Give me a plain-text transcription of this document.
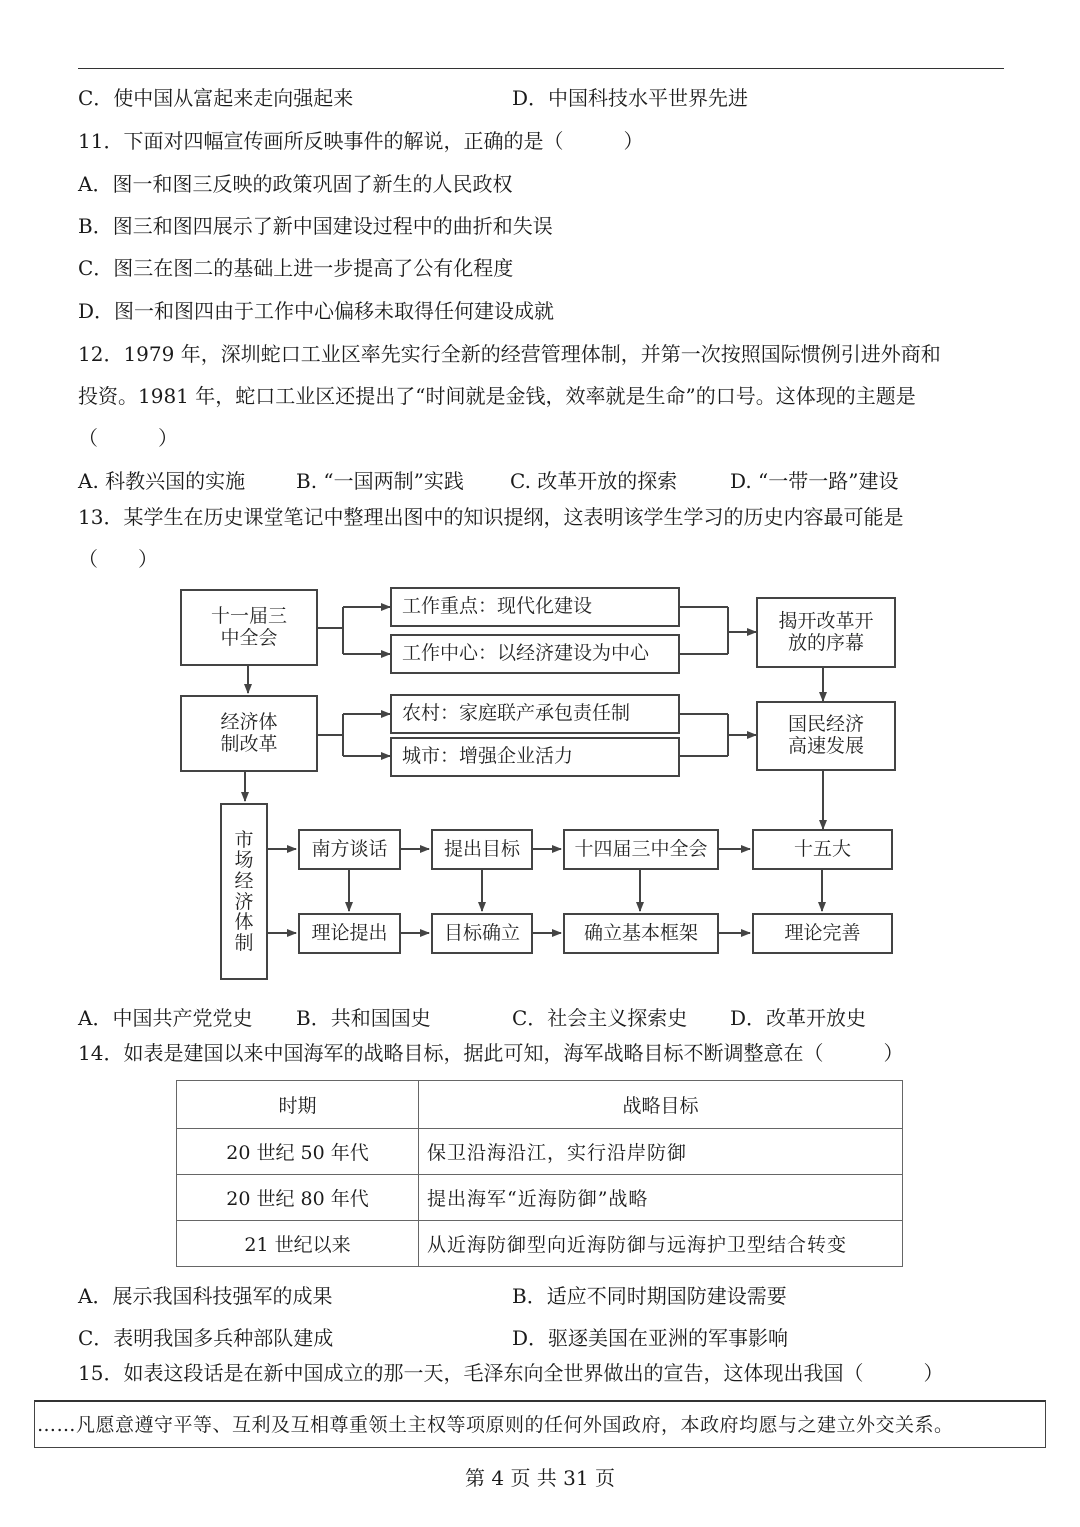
C．使中国从富起来走向强起来	D．中国科技水平世界先进
11．下面对四幅宣传画所反映事件的解说，正确的是（　　　）
A．图一和图三反映的政策巩固了新生的人民政权
B．图三和图四展示了新中国建设过程中的曲折和失误
C．图三在图二的基础上进一步提高了公有化程度
D．图一和图四由于工作中心偏移未取得任何建设成就
12．1979 年，深圳蛇口工业区率先实行全新的经营管理体制，并第一次按照国际惯例引进外商和
投资。1981 年，蛇口工业区还提出了“时间就是金钱，效率就是生命”的口号。这体现的主题是
（　　　）
A. 科教兴国的实施	B. “一国两制”实践 C. 改革开放的探索	D. “一带一路”建设
13．某学生在历史课堂笔记中整理出图中的知识提纲，这表明该学生学习的历史内容最可能是
（　　）
十一届三中全会
工作重点：现代化建设
工作中心：以经济建设为中心
揭开改革开放的序幕
经济体制改革
农村：家庭联产承包责任制
城市：增强企业活力
国民经济高速发展
市场经济体制
南方谈话	提出目标	十四届三中全会	十五大
理论提出	目标确立	确立基本框架	理论完善
A．中国共产党党史 B．共和国国史	C．社会主义探索史 D．改革开放史
14．如表是建国以来中国海军的战略目标，据此可知，海军战略目标不断调整意在（　　　）
时期	战略目标
20 世纪 50 年代	保卫沿海沿江，实行沿岸防御
20 世纪 80 年代	提出海军“近海防御”战略
21 世纪以来	从近海防御型向近海防御与远海护卫型结合转变
A．展示我国科技强军的成果	B．适应不同时期国防建设需要
C．表明我国多兵种部队建成	D．驱逐美国在亚洲的军事影响
15．如表这段话是在新中国成立的那一天，毛泽东向全世界做出的宣告，这体现出我国（　　　）
……凡愿意遵守平等、互利及互相尊重领土主权等项原则的任何外国政府，本政府均愿与之建立外交关系。
第 4 页 共 31 页
